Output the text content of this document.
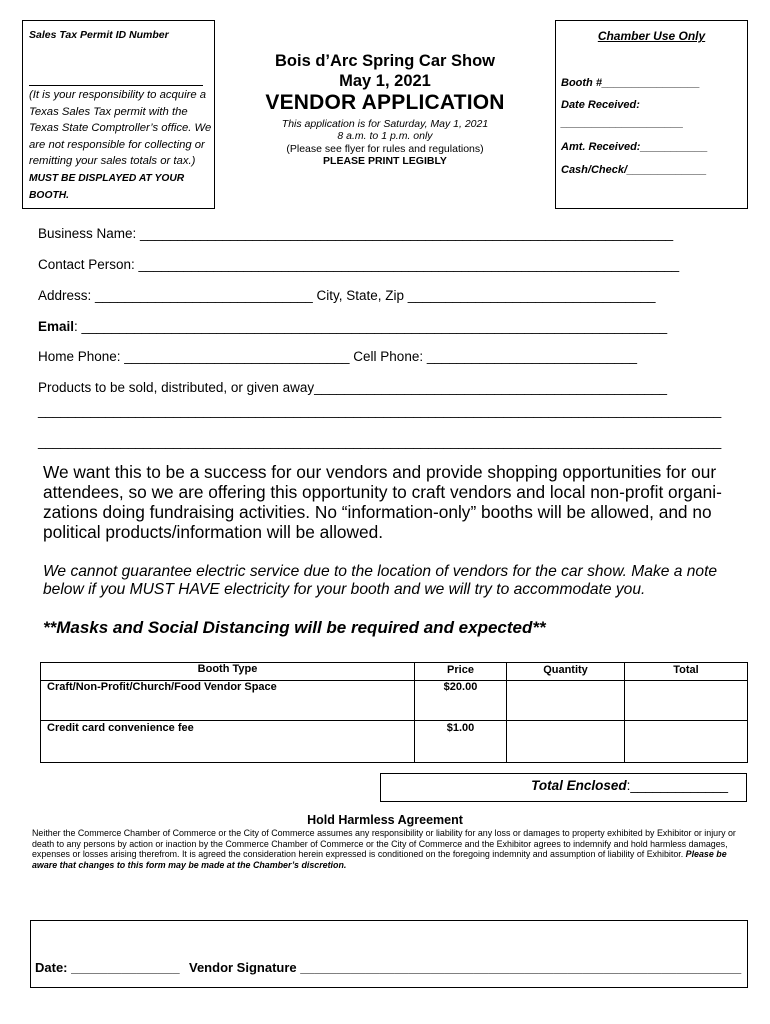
Sales Tax Permit ID Number
(It is your responsibility to acquire a Texas Sales Tax permit with the Texas State Comptroller’s office. We are not responsible for collecting or remitting your sales totals or tax.) MUST BE DISPLAYED AT YOUR BOOTH.
Bois d’Arc Spring Car Show
May 1, 2021
VENDOR APPLICATION
This application is for Saturday, May 1, 2021
8 a.m. to 1 p.m. only
(Please see flyer for rules and regulations)
PLEASE PRINT LEGIBLY
Chamber Use Only
Booth #________________
Date Received:
____________________
Amt. Received:___________
Cash/Check/_____________
Business Name: _______________________________________________________________________
Contact Person: ________________________________________________________________________
Address: _____________________________ City, State, Zip _________________________________
Email: ______________________________________________________________________________
Home Phone: ______________________________ Cell Phone: ____________________________
Products to be sold, distributed, or given away_______________________________________________
___________________________________________________________________________________________
___________________________________________________________________________________________
We want this to be a success for our vendors and provide shopping opportunities for our attendees, so we are offering this opportunity to craft vendors and local non-profit organi-zations doing fundraising activities. No “information-only” booths will be allowed, and no political products/information will be allowed.
We cannot guarantee electric service due to the location of vendors for the car show. Make a note below if you MUST HAVE electricity for your booth and we will try to accommodate you.
**Masks and Social Distancing will be required and expected**
Booth Type	Price	Quantity	Total
Craft/Non-Profit/Church/Food Vendor Space	$20.00		
Credit card convenience fee	$1.00		
Total Enclosed:_____________
Hold Harmless Agreement
Neither the Commerce Chamber of Commerce or the City of Commerce assumes any responsibility or liability for any loss or damages to property exhibited by Exhibitor or injury or death to any persons by action or inaction by the Commerce Chamber of Commerce or the City of Commerce and the Exhibitor agrees to indemnify and hold harmless damages, expenses or losses arising therefrom. It is agreed the consideration herein expressed is conditioned on the foregoing indemnity and assumption of liability of Exhibitor. Please be aware that changes to this form may be made at the Chamber’s discretion.
Date: _______________ Vendor Signature _____________________________________________________________
